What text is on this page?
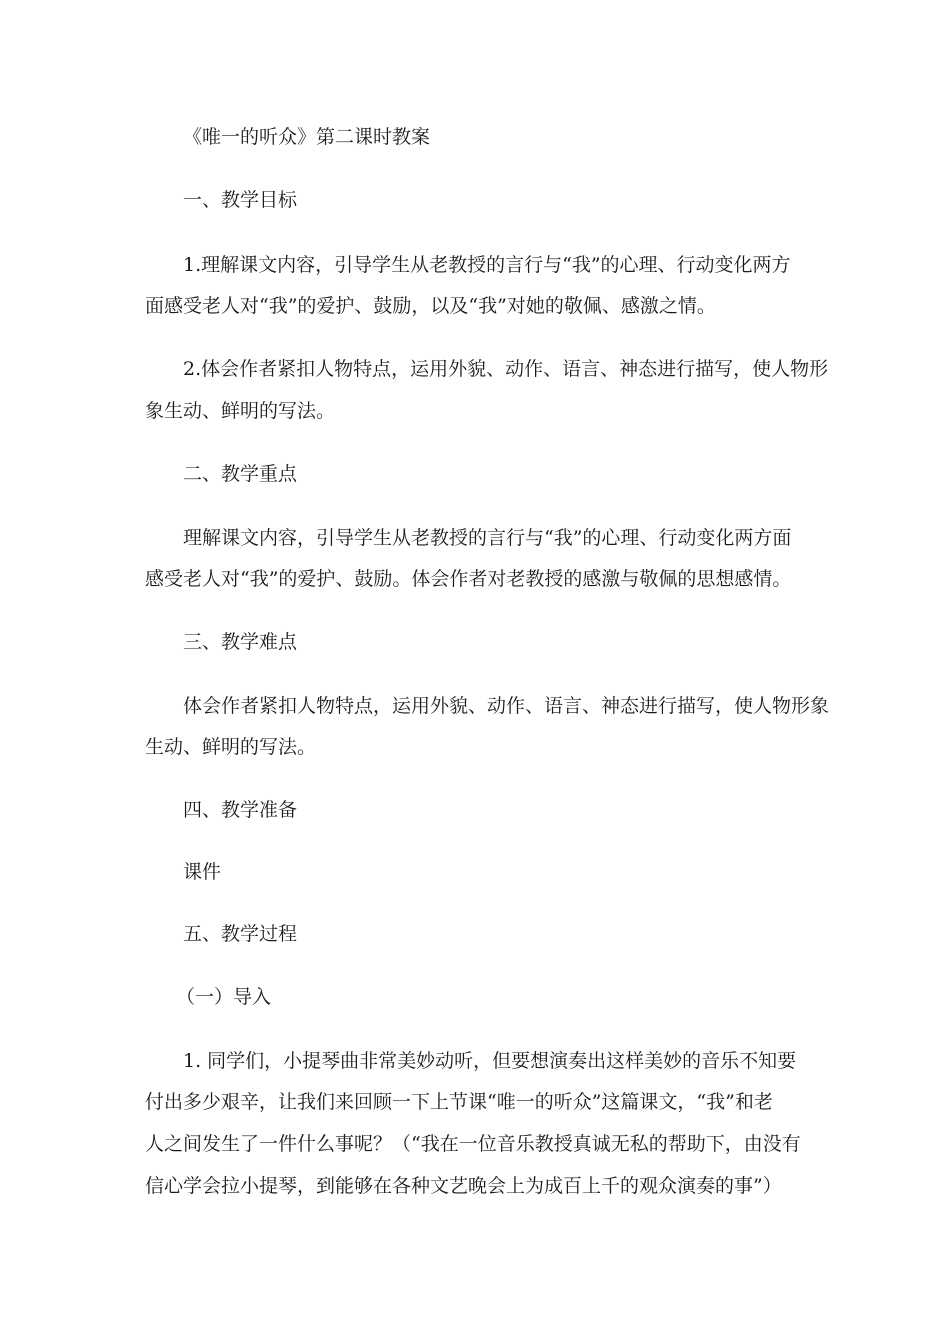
《唯一的听众》第二课时教案
一、教学目标
1.理解课文内容，引导学生从老教授的言行与“我”的心理、行动变化两方
面感受老人对“我”的爱护、鼓励，以及“我”对她的敬佩、感激之情。
2.体会作者紧扣人物特点，运用外貌、动作、语言、神态进行描写，使人物形
象生动、鲜明的写法。
二、教学重点
理解课文内容，引导学生从老教授的言行与“我”的心理、行动变化两方面
感受老人对“我”的爱护、鼓励。体会作者对老教授的感激与敬佩的思想感情。
三、教学难点
体会作者紧扣人物特点，运用外貌、动作、语言、神态进行描写，使人物形象
生动、鲜明的写法。
四、教学准备
课件
五、教学过程
（一）导入
1. 同学们，小提琴曲非常美妙动听，但要想演奏出这样美妙的音乐不知要
付出多少艰辛，让我们来回顾一下上节课“唯一的听众”这篇课文，“我”和老
人之间发生了一件什么事呢？（“我在一位音乐教授真诚无私的帮助下，由没有
信心学会拉小提琴，到能够在各种文艺晚会上为成百上千的观众演奏的事”）
